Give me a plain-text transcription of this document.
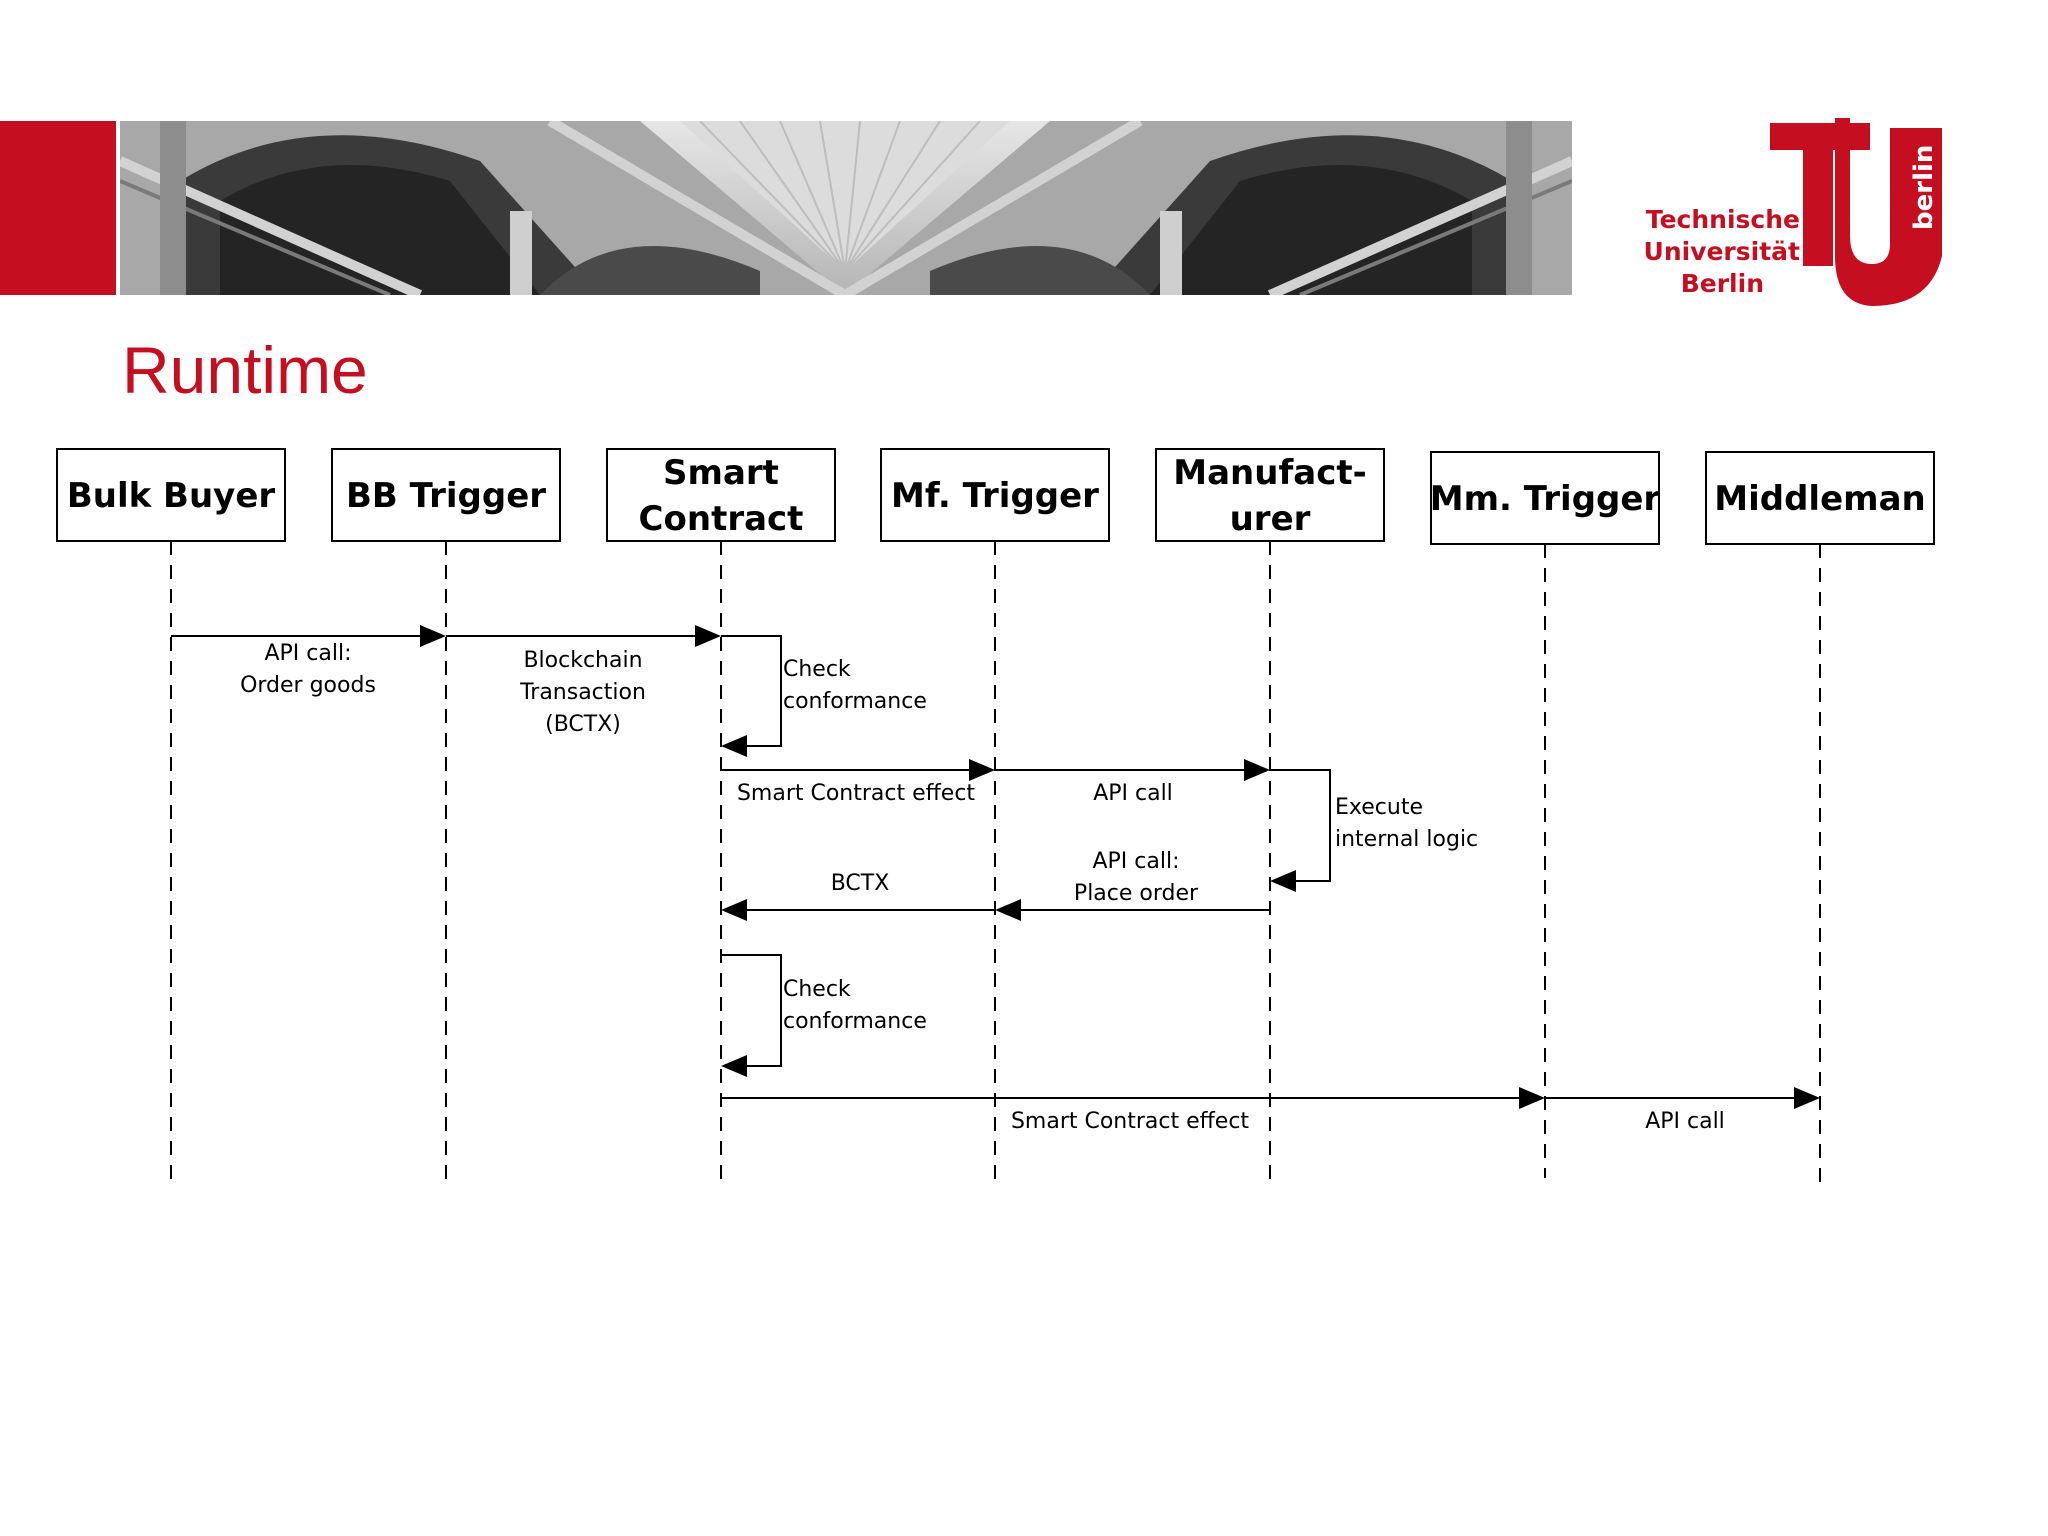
Technische
Universität
Berlin
berlin
Runtime
Bulk Buyer BB Trigger
Smart
Contract
Mf. Trigger
Manufact-
urer	Mm. Trigger Middleman
API call:
Order goods
Blockchain
Transaction
(BCTX)
Check
conformance
Smart Contract effect	API call
Execute
internal logic
API call:
Place order
BCTX
Check
conformance
Smart Contract effect	API call
